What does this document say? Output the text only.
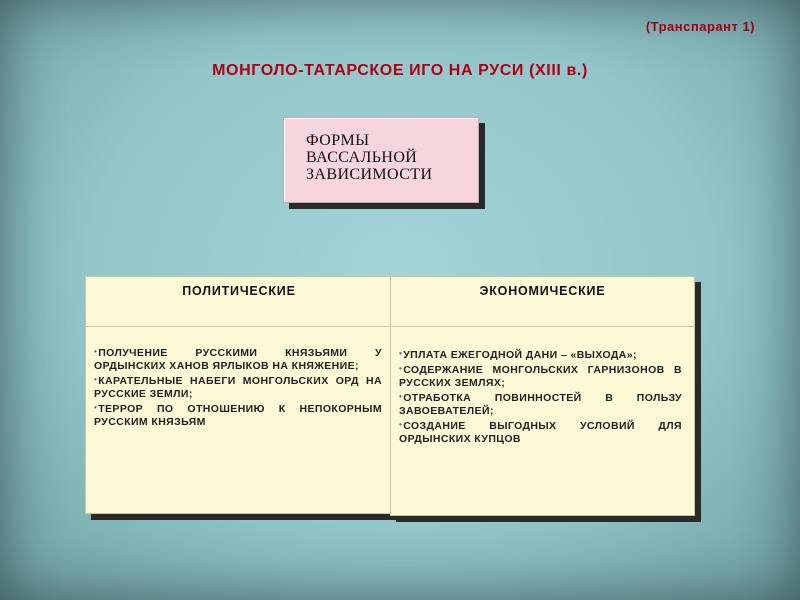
(Транспарант 1)
МОНГОЛО-ТАТАРСКОЕ ИГО НА РУСИ (XIII в.)
ФОРМЫ
ВАССАЛЬНОЙ
ЗАВИСИМОСТИ
ПОЛИТИЧЕСКИЕ
•ПОЛУЧЕНИЕ РУССКИМИ КНЯЗЬЯМИ У ОРДЫНСКИХ ХАНОВ ЯРЛЫКОВ НА КНЯЖЕНИЕ;
•КАРАТЕЛЬНЫЕ НАБЕГИ МОНГОЛЬСКИХ ОРД НА РУССКИЕ ЗЕМЛИ;
•ТЕРРОР ПО ОТНОШЕНИЮ К НЕПОКОРНЫМ РУССКИМ КНЯЗЬЯМ
ЭКОНОМИЧЕСКИЕ
•УПЛАТА ЕЖЕГОДНОЙ ДАНИ – «ВЫХОДА»;
•СОДЕРЖАНИЕ МОНГОЛЬСКИХ ГАРНИЗОНОВ В РУССКИХ ЗЕМЛЯХ;
•ОТРАБОТКА ПОВИННОСТЕЙ В ПОЛЬЗУ ЗАВОЕВАТЕЛЕЙ;
•СОЗДАНИЕ ВЫГОДНЫХ УСЛОВИЙ ДЛЯ ОРДЫНСКИХ КУПЦОВ
